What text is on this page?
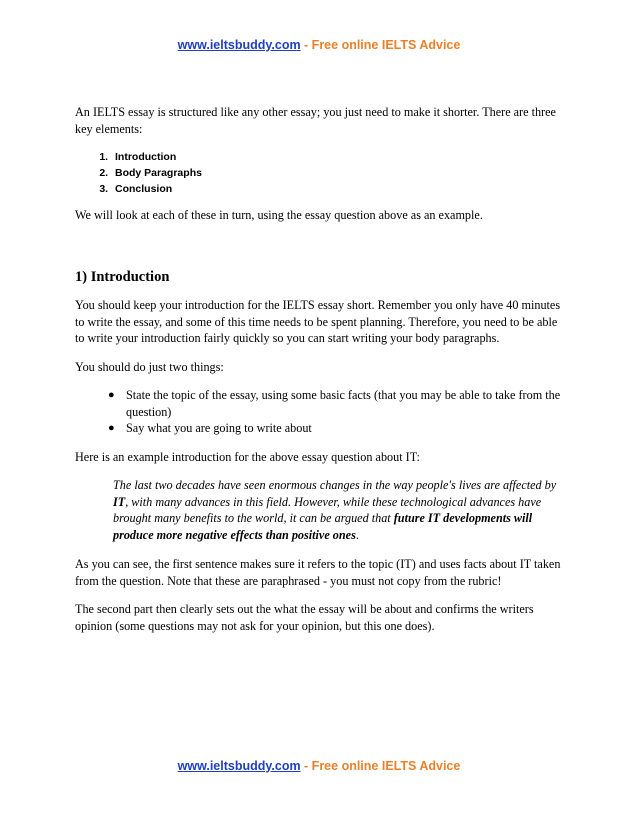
www.ieltsbuddy.com - Free online IELTS Advice

An IELTS essay is structured like any other essay; you just need to make it shorter. There are three key elements:

1. Introduction
2. Body Paragraphs
3. Conclusion

We will look at each of these in turn, using the essay question above as an example.

1) Introduction

You should keep your introduction for the IELTS essay short. Remember you only have 40 minutes to write the essay, and some of this time needs to be spent planning. Therefore, you need to be able to write your introduction fairly quickly so you can start writing your body paragraphs.

You should do just two things:

● State the topic of the essay, using some basic facts (that you may be able to take from the question)
● Say what you are going to write about

Here is an example introduction for the above essay question about IT:

The last two decades have seen enormous changes in the way people's lives are affected by IT, with many advances in this field. However, while these technological advances have brought many benefits to the world, it can be argued that future IT developments will produce more negative effects than positive ones.

As you can see, the first sentence makes sure it refers to the topic (IT) and uses facts about IT taken from the question. Note that these are paraphrased - you must not copy from the rubric!

The second part then clearly sets out the what the essay will be about and confirms the writers opinion (some questions may not ask for your opinion, but this one does).

www.ieltsbuddy.com - Free online IELTS Advice
